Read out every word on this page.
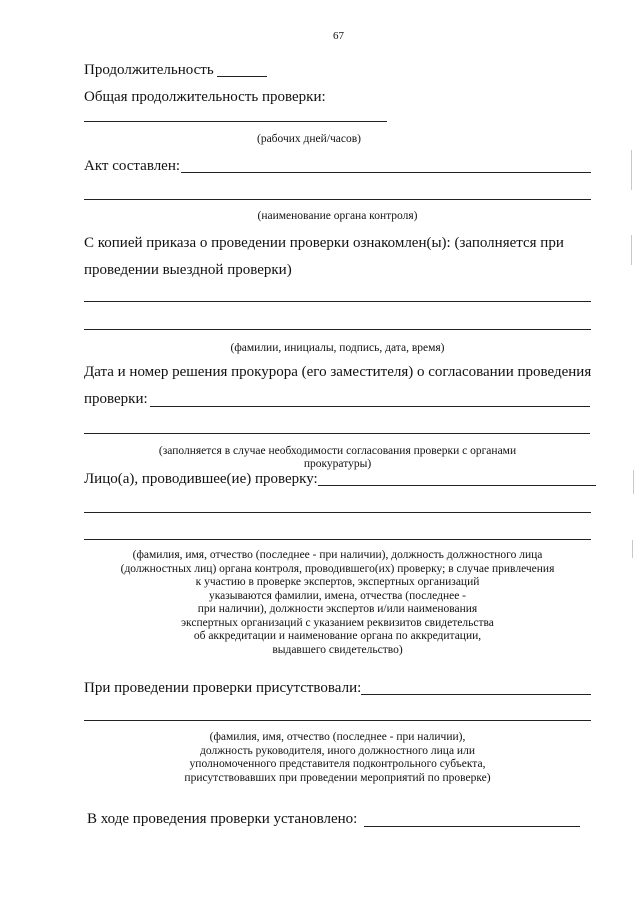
67
Продолжительность
Общая продолжительность проверки:
(рабочих дней/часов)
Акт составлен:
(наименование органа контроля)
С копией приказа о проведении проверки ознакомлен(ы): (заполняется при
проведении выездной проверки)
(фамилии, инициалы, подпись, дата, время)
Дата и номер решения прокурора (его заместителя) о согласовании проведения
проверки:
(заполняется в случае необходимости согласования проверки с органами
прокуратуры)
Лицо(а), проводившее(ие) проверку:
(фамилия, имя, отчество (последнее - при наличии), должность должностного лица
(должностных лиц) органа контроля, проводившего(их) проверку; в случае привлечения
к участию в проверке экспертов, экспертных организаций
указываются фамилии, имена, отчества (последнее -
при наличии), должности экспертов и/или наименования
экспертных организаций с указанием реквизитов свидетельства
об аккредитации и наименование органа по аккредитации,
выдавшего свидетельство)
При проведении проверки присутствовали:
(фамилия, имя, отчество (последнее - при наличии),
должность руководителя, иного должностного лица или
уполномоченного представителя подконтрольного субъекта,
присутствовавших при проведении мероприятий по проверке)
В ходе проведения проверки установлено:
